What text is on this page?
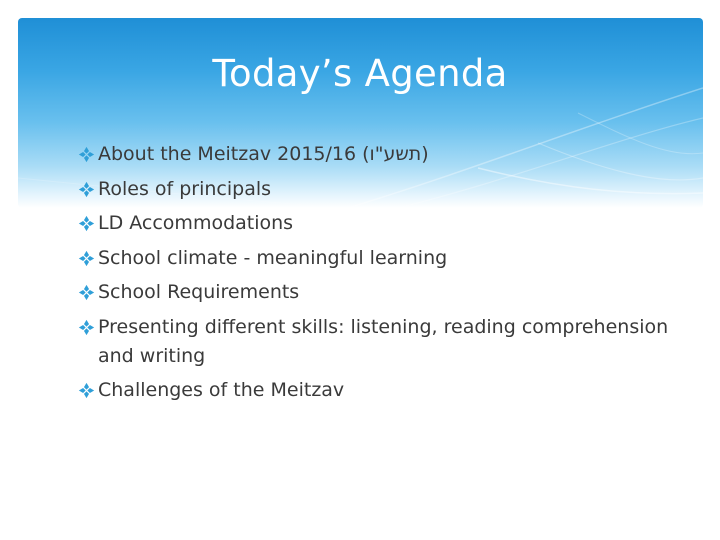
Today’s Agenda
About the Meitzav 2015/16 (תשע"ו)
Roles of principals
LD Accommodations
School climate - meaningful learning
School Requirements
Presenting different skills: listening, reading comprehension and writing
Challenges of the Meitzav
